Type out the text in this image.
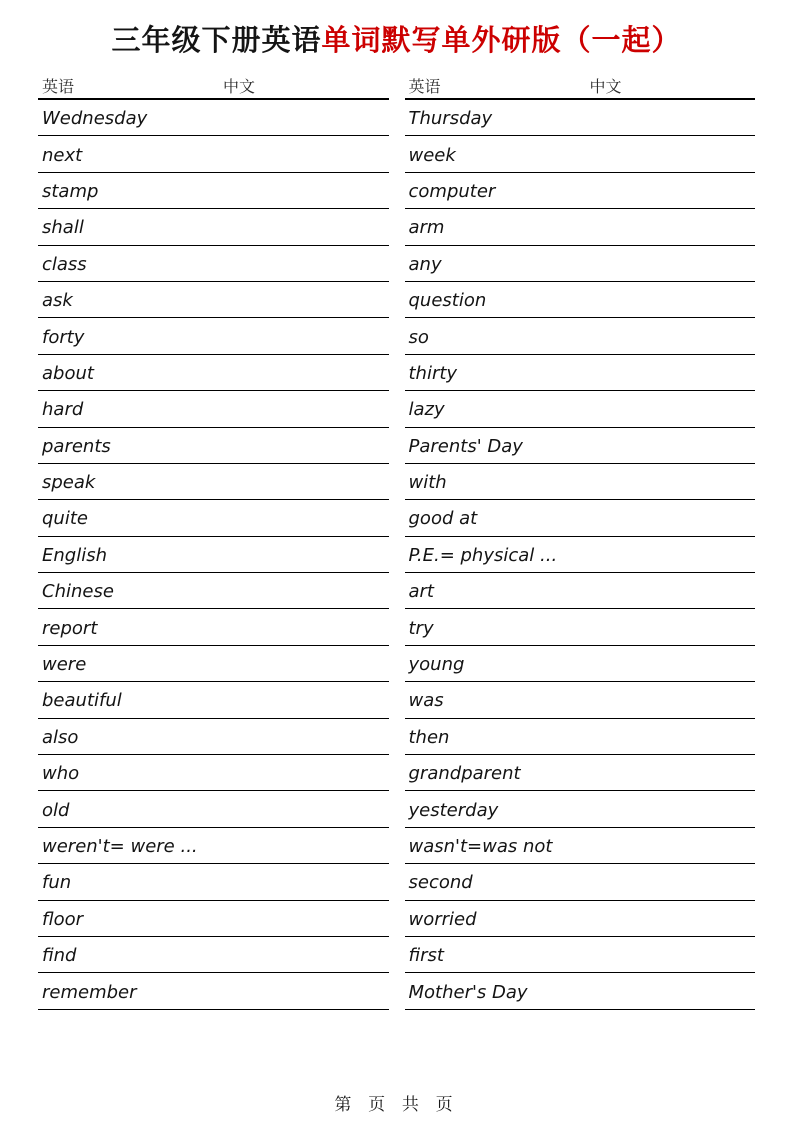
三年级下册英语单词默写单外研版（一起）
英语	中文
Wednesday
next
stamp
shall
class
ask
forty
about
hard
parents
speak
quite
English
Chinese
report
were
beautiful
also
who
old
weren't= were ...
fun
floor
find
remember
英语	中文
Thursday
week
computer
arm
any
question
so
thirty
lazy
Parents' Day
with
good at
P.E.= physical ...
art
try
young
was
then
grandparent
yesterday
wasn't=was not
second
worried
first
Mother's Day
第 页 共 页
